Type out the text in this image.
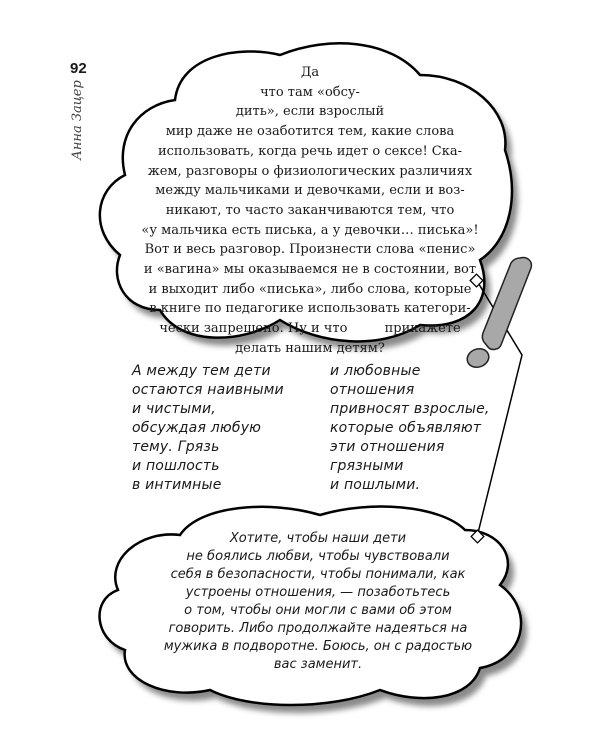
92
Анна Зацер
Да
что там «обсу-
дить», если взрослый
мир даже не озаботится тем, какие слова
использовать, когда речь идет о сексе! Ска-
жем, разговоры о физиологических различиях
между мальчиками и девочками, если и воз-
никают, то часто заканчиваются тем, что
«у мальчика есть писька, а у девочки… писька»!
Вот и весь разговор. Произнести слова «пенис»
и «вагина» мы оказываемся не в состоянии, вот
и выходит либо «писька», либо слова, которые
в книге по педагогике использовать категори-
чески запрещено. Ну и что         прикажете
делать нашим детям?
А между тем дети
остаются наивными
и чистыми,
обсуждая любую
тему. Грязь
и пошлость
в интимные
и любовные
отношения
привносят взрослые,
которые объявляют
эти отношения
грязными
и пошлыми.
Хотите, чтобы наши дети
не боялись любви, чтобы чувствовали
себя в безопасности, чтобы понимали, как
устроены отношения, — позаботьтесь
о том, чтобы они могли с вами об этом
говорить. Либо продолжайте надеяться на
мужика в подворотне. Боюсь, он с радостью
вас заменит.
